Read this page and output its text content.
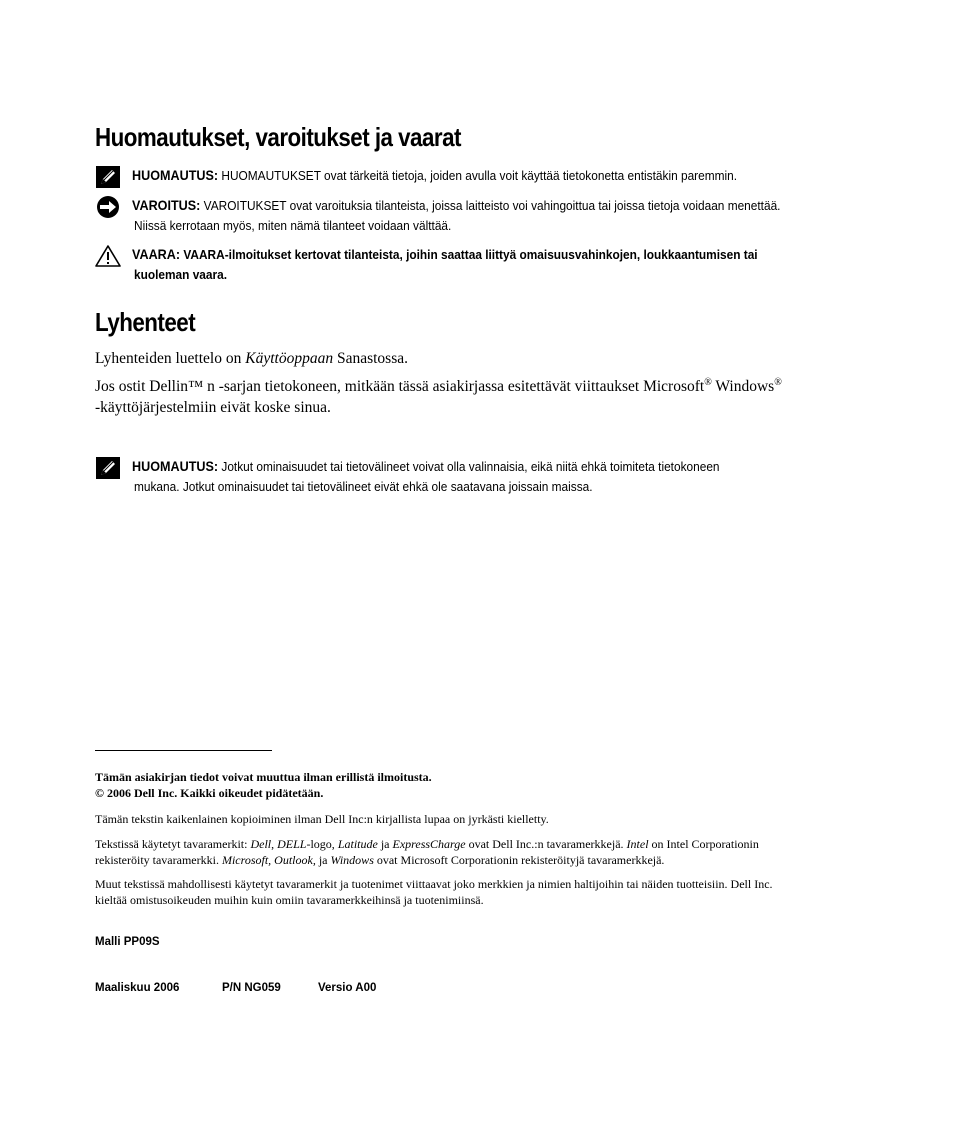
Huomautukset, varoitukset ja vaarat
HUOMAUTUS: HUOMAUTUKSET ovat tärkeitä tietoja, joiden avulla voit käyttää tietokonetta entistäkin paremmin.
VAROITUS: VAROITUKSET ovat varoituksia tilanteista, joissa laitteisto voi vahingoittua tai joissa tietoja voidaan menettää.
Niissä kerrotaan myös, miten nämä tilanteet voidaan välttää.
VAARA: VAARA-ilmoitukset kertovat tilanteista, joihin saattaa liittyä omaisuusvahinkojen, loukkaantumisen tai
kuoleman vaara.
Lyhenteet
Lyhenteiden luettelo on Käyttöoppaan Sanastossa.
Jos ostit Dellin™ n -sarjan tietokoneen, mitkään tässä asiakirjassa esitettävät viittaukset Microsoft® Windows®
-käyttöjärjestelmiin eivät koske sinua.
HUOMAUTUS: Jotkut ominaisuudet tai tietovälineet voivat olla valinnaisia, eikä niitä ehkä toimiteta tietokoneen
mukana. Jotkut ominaisuudet tai tietovälineet eivät ehkä ole saatavana joissain maissa.
Tämän asiakirjan tiedot voivat muuttua ilman erillistä ilmoitusta.
© 2006 Dell Inc. Kaikki oikeudet pidätetään.
Tämän tekstin kaikenlainen kopioiminen ilman Dell Inc:n kirjallista lupaa on jyrkästi kielletty.
Tekstissä käytetyt tavaramerkit: Dell, DELL-logo, Latitude ja ExpressCharge ovat Dell Inc.:n tavaramerkkejä. Intel on Intel Corporationin
rekisteröity tavaramerkki. Microsoft, Outlook, ja Windows ovat Microsoft Corporationin rekisteröityjä tavaramerkkejä.
Muut tekstissä mahdollisesti käytetyt tavaramerkit ja tuotenimet viittaavat joko merkkien ja nimien haltijoihin tai näiden tuotteisiin. Dell Inc.
kieltää omistusoikeuden muihin kuin omiin tavaramerkkeihinsä ja tuotenimiinsä.
Malli PP09S
Maaliskuu 2006	P/N NG059	Versio A00
